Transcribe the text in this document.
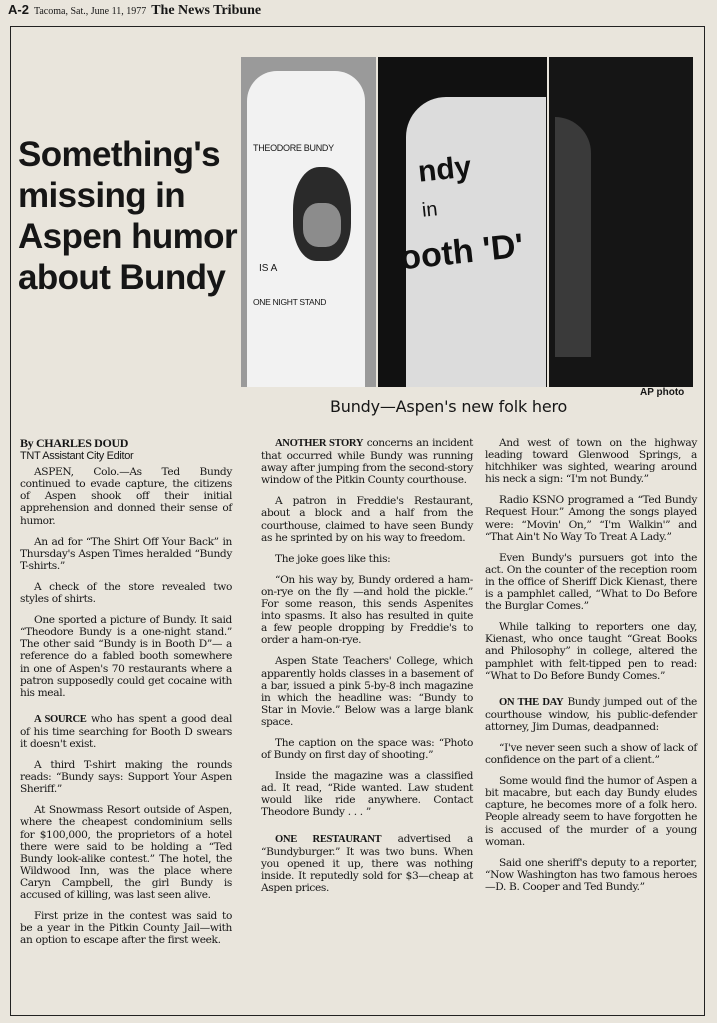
A-2 Tacoma, Sat., June 11, 1977 The News Tribune
Something's
missing in
Aspen humor
about Bundy
THEODORE BUNDY
IS A
ONE NIGHT STAND
ndy
in
ooth 'D'
AP photo
Bundy—Aspen's new folk hero
By CHARLES DOUD
TNT Assistant City Editor

ASPEN, Colo.—As Ted Bundy continued to evade capture, the citizens of Aspen shook off their initial apprehension and donned their sense of humor.

An ad for “The Shirt Off Your Back” in Thursday's Aspen Times heralded “Bundy T-shirts.”

A check of the store revealed two styles of shirts.

One sported a picture of Bundy. It said “Theodore Bundy is a one-night stand.” The other said “Bundy is in Booth D”— a reference do a fabled booth somewhere in one of Aspen's 70 restaurants where a patron supposedly could get cocaine with his meal.

A SOURCE who has spent a good deal of his time searching for Booth D swears it doesn't exist.

A third T-shirt making the rounds reads: “Bundy says: Support Your Aspen Sheriff.”

At Snowmass Resort outside of Aspen, where the cheapest condominium sells for $100,000, the proprietors of a hotel there were said to be holding a “Ted Bundy look-alike contest.” The hotel, the Wildwood Inn, was the place where Caryn Campbell, the girl Bundy is accused of killing, was last seen alive.

First prize in the contest was said to be a year in the Pitkin County Jail—with an option to escape after the first week.

ANOTHER STORY concerns an incident that occurred while Bundy was running away after jumping from the second-story window of the Pitkin County courthouse.

A patron in Freddie's Restaurant, about a block and a half from the courthouse, claimed to have seen Bundy as he sprinted by on his way to freedom.

The joke goes like this:

“On his way by, Bundy ordered a ham-on-rye on the fly —and hold the pickle.” For some reason, this sends Aspenites into spasms. It also has resulted in quite a few people dropping by Freddie's to order a ham-on-rye.

Aspen State Teachers' College, which apparently holds classes in a basement of a bar, issued a pink 5-by-8 inch magazine in which the headline was: “Bundy to Star in Movie.” Below was a large blank space.

The caption on the space was: “Photo of Bundy on first day of shooting.”

Inside the magazine was a classified ad. It read, “Ride wanted. Law student would like ride anywhere. Contact Theodore Bundy . . . ”

ONE RESTAURANT advertised a “Bundyburger.” It was two buns. When you opened it up, there was nothing inside. It reputedly sold for $3—cheap at Aspen prices.

And west of town on the highway leading toward Glenwood Springs, a hitchhiker was sighted, wearing around his neck a sign: “I'm not Bundy.”

Radio KSNO programed a “Ted Bundy Request Hour.” Among the songs played were: “Movin' On,” “I'm Walkin'” and “That Ain't No Way To Treat A Lady.”

Even Bundy's pursuers got into the act. On the counter of the reception room in the office of Sheriff Dick Kienast, there is a pamphlet called, “What to Do Before the Burglar Comes.”

While talking to reporters one day, Kienast, who once taught “Great Books and Philosophy” in college, altered the pamphlet with felt-tipped pen to read: “What to Do Before Bundy Comes.”

ON THE DAY Bundy jumped out of the courthouse window, his public-defender attorney, Jim Dumas, deadpanned:

“I've never seen such a show of lack of confidence on the part of a client.”

Some would find the humor of Aspen a bit macabre, but each day Bundy eludes capture, he becomes more of a folk hero. People already seem to have forgotten he is accused of the murder of a young woman.

Said one sheriff's deputy to a reporter, “Now Washington has two famous heroes—D. B. Cooper and Ted Bundy.”
